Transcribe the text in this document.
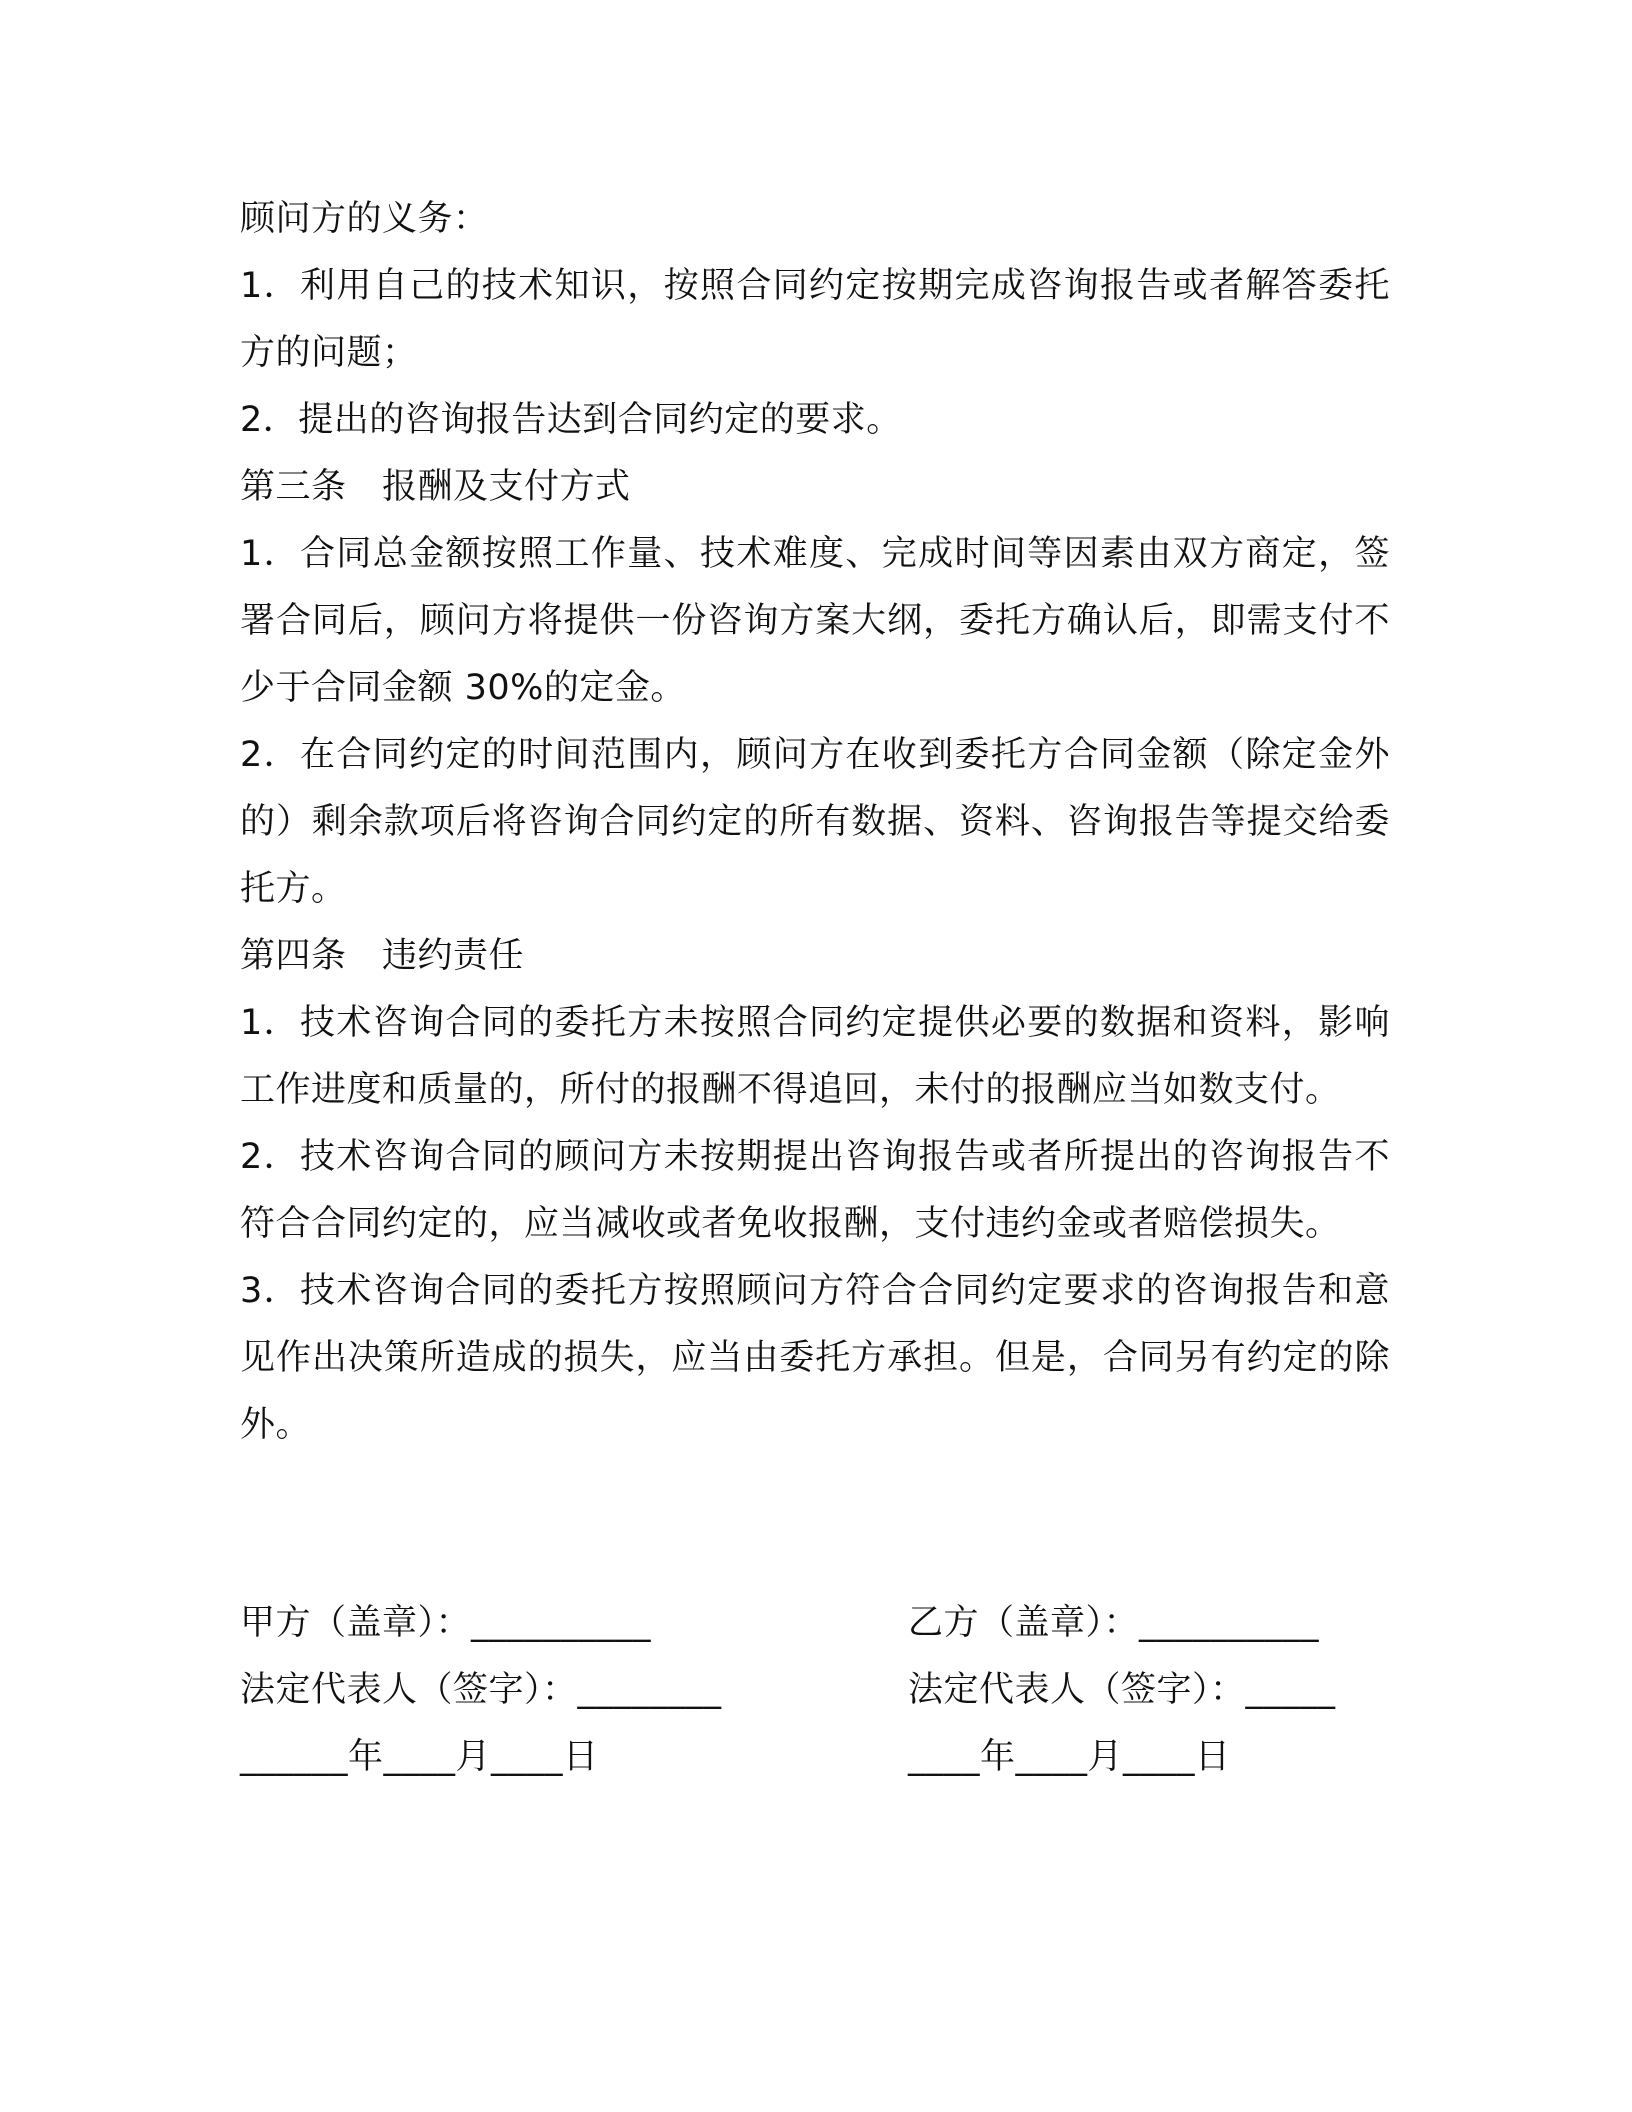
顾问方的义务：

1．利用自己的技术知识，按照合同约定按期完成咨询报告或者解答委托方的问题；

2．提出的咨询报告达到合同约定的要求。

第三条　报酬及支付方式

1．合同总金额按照工作量、技术难度、完成时间等因素由双方商定，签署合同后，顾问方将提供一份咨询方案大纲，委托方确认后，即需支付不少于合同金额 30%的定金。

2．在合同约定的时间范围内，顾问方在收到委托方合同金额（除定金外的）剩余款项后将咨询合同约定的所有数据、资料、咨询报告等提交给委托方。

第四条　违约责任

1．技术咨询合同的委托方未按照合同约定提供必要的数据和资料，影响工作进度和质量的，所付的报酬不得追回，未付的报酬应当如数支付。

2．技术咨询合同的顾问方未按期提出咨询报告或者所提出的咨询报告不符合合同约定的，应当减收或者免收报酬，支付违约金或者赔偿损失。

3．技术咨询合同的委托方按照顾问方符合合同约定要求的咨询报告和意见作出决策所造成的损失，应当由委托方承担。但是，合同另有约定的除外。

甲方（盖章）：__________	乙方（盖章）：__________
法定代表人（签字）：________	法定代表人（签字）：_____
______年____月____日	____年____月____日
